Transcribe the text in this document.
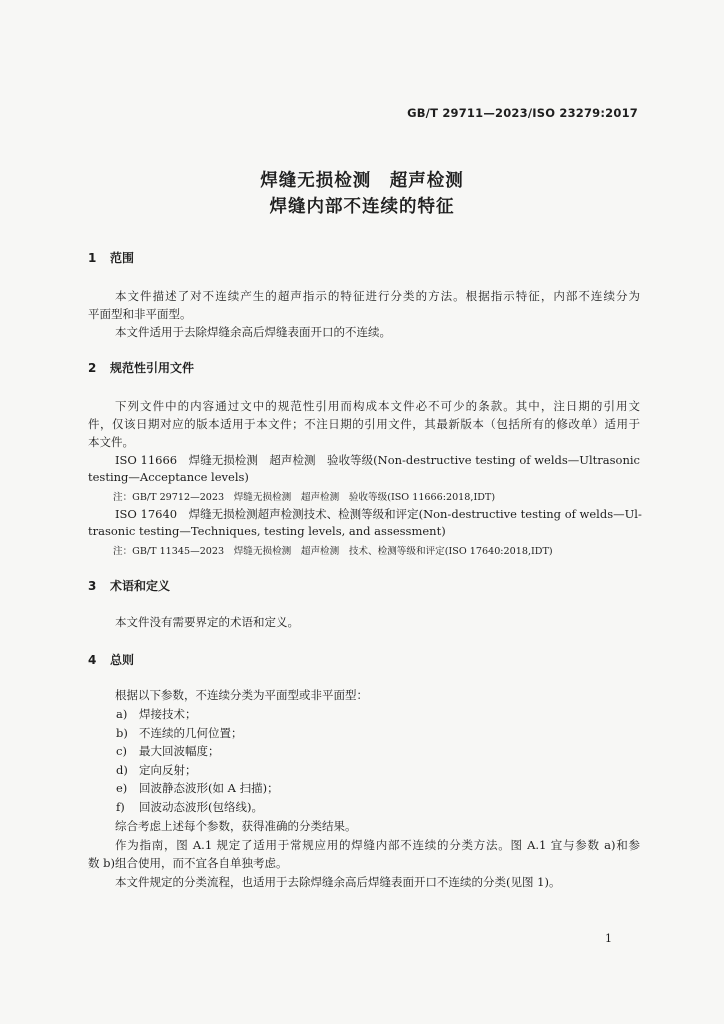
GB/T 29711—2023/ISO 23279:2017
焊缝无损检测　超声检测
焊缝内部不连续的特征
1 范围
本文件描述了对不连续产生的超声指示的特征进行分类的方法。根据指示特征，内部不连续分为
平面型和非平面型。
本文件适用于去除焊缝余高后焊缝表面开口的不连续。
2 规范性引用文件
下列文件中的内容通过文中的规范性引用而构成本文件必不可少的条款。其中，注日期的引用文
件，仅该日期对应的版本适用于本文件；不注日期的引用文件，其最新版本（包括所有的修改单）适用于
本文件。
ISO 11666　焊缝无损检测　超声检测　验收等级(Non-destructive testing of welds—Ultrasonic
testing—Acceptance levels)
注：GB/T 29712—2023　焊缝无损检测　超声检测　验收等级(ISO 11666:2018,IDT)
ISO 17640　焊缝无损检测超声检测技术、检测等级和评定(Non-destructive testing of welds—Ul-
trasonic testing—Techniques, testing levels, and assessment)
注：GB/T 11345—2023　焊缝无损检测　超声检测　技术、检测等级和评定(ISO 17640:2018,IDT)
3 术语和定义
本文件没有需要界定的术语和定义。
4 总则
根据以下参数，不连续分类为平面型或非平面型：
a) 焊接技术；
b) 不连续的几何位置；
c) 最大回波幅度；
d) 定向反射；
e) 回波静态波形(如 A 扫描)；
f) 回波动态波形(包络线)。
综合考虑上述每个参数，获得准确的分类结果。
作为指南，图 A.1 规定了适用于常规应用的焊缝内部不连续的分类方法。图 A.1 宜与参数 a)和参
数 b)组合使用，而不宜各自单独考虑。
本文件规定的分类流程，也适用于去除焊缝余高后焊缝表面开口不连续的分类(见图 1)。
1
